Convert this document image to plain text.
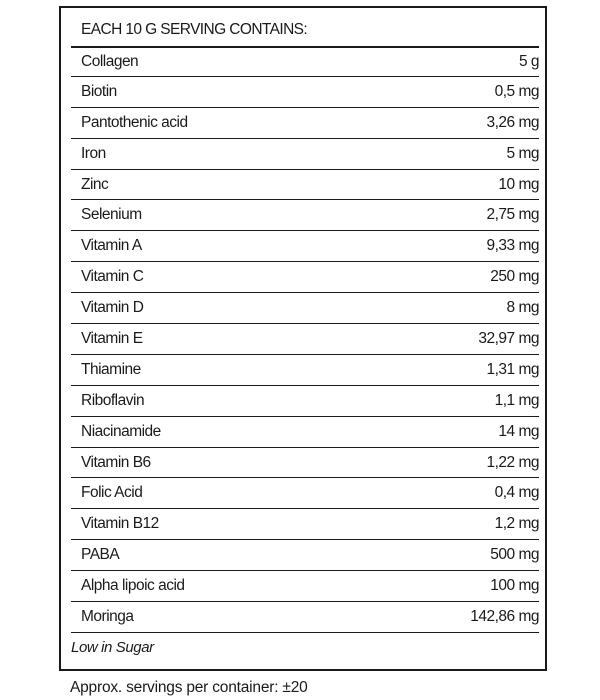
EACH 10 G SERVING CONTAINS:
Collagen	5 g
Biotin	0,5 mg
Pantothenic acid	3,26 mg
Iron	5 mg
Zinc	10 mg
Selenium	2,75 mg
Vitamin A	9,33 mg
Vitamin C	250 mg
Vitamin D	8 mg
Vitamin E	32,97 mg
Thiamine	1,31 mg
Riboflavin	1,1 mg
Niacinamide	14 mg
Vitamin B6	1,22 mg
Folic Acid	0,4 mg
Vitamin B12	1,2 mg
PABA	500 mg
Alpha lipoic acid	100 mg
Moringa	142,86 mg
Low in Sugar
Approx. servings per container: ±20
